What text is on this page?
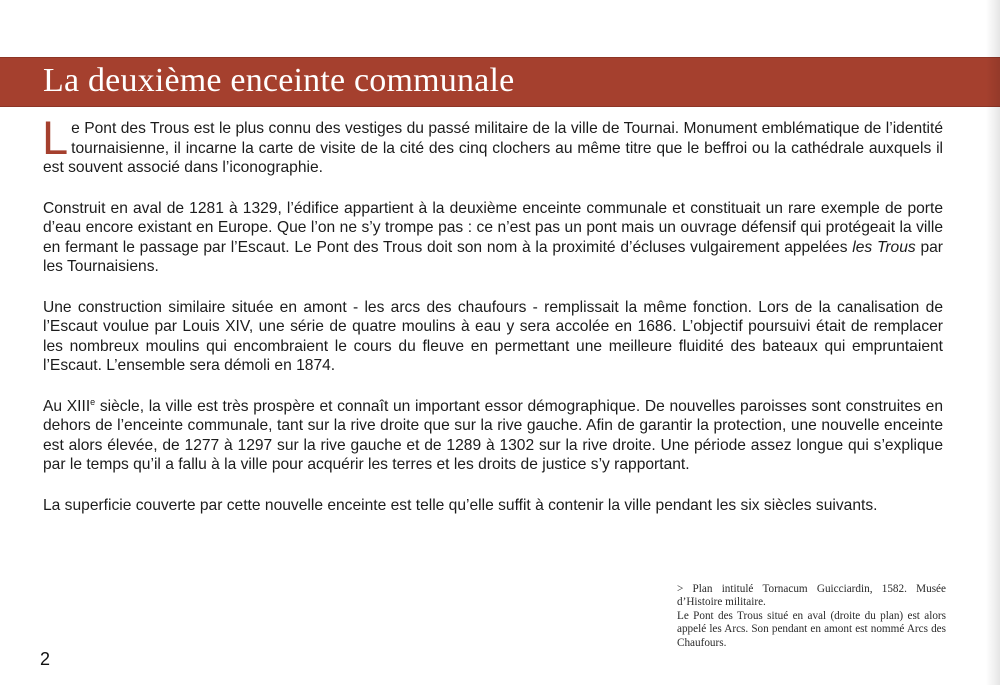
La deuxième enceinte communale

Le Pont des Trous est le plus connu des vestiges du passé militaire de la ville de Tournai. Monument emblématique de l’identité tournaisienne, il incarne la carte de visite de la cité des cinq clochers au même titre que le beffroi ou la cathédrale auxquels il est souvent associé dans l’iconographie.

Construit en aval de 1281 à 1329, l’édifice appartient à la deuxième enceinte communale et constituait un rare exemple de porte d’eau encore existant en Europe. Que l’on ne s’y trompe pas : ce n’est pas un pont mais un ouvrage défensif qui protégeait la ville en fermant le passage par l’Escaut. Le Pont des Trous doit son nom à la proximité d’écluses vulgairement appelées les Trous par les Tournaisiens.

Une construction similaire située en amont - les arcs des chaufours - remplissait la même fonction. Lors de la canalisation de l’Escaut voulue par Louis XIV, une série de quatre moulins à eau y sera accolée en 1686. L’objectif poursuivi était de remplacer les nombreux moulins qui encombraient le cours du fleuve en permettant une meilleure fluidité des bateaux qui empruntaient l’Escaut. L’ensemble sera démoli en 1874.

Au XIIIe siècle, la ville est très prospère et connaît un important essor démographique. De nouvelles paroisses sont construites en dehors de l’enceinte communale, tant sur la rive droite que sur la rive gauche. Afin de garantir la protection, une nouvelle enceinte est alors élevée, de 1277 à 1297 sur la rive gauche et de 1289 à 1302 sur la rive droite. Une période assez longue qui s’explique par le temps qu’il a fallu à la ville pour acquérir les terres et les droits de justice s’y rapportant.

La superficie couverte par cette nouvelle enceinte est telle qu’elle suffit à contenir la ville pendant les six siècles suivants.

> Plan intitulé Tornacum Guicciardin, 1582. Musée d’Histoire militaire.

Le Pont des Trous situé en aval (droite du plan) est alors appelé les Arcs. Son pendant en amont est nommé Arcs des Chaufours.

2
